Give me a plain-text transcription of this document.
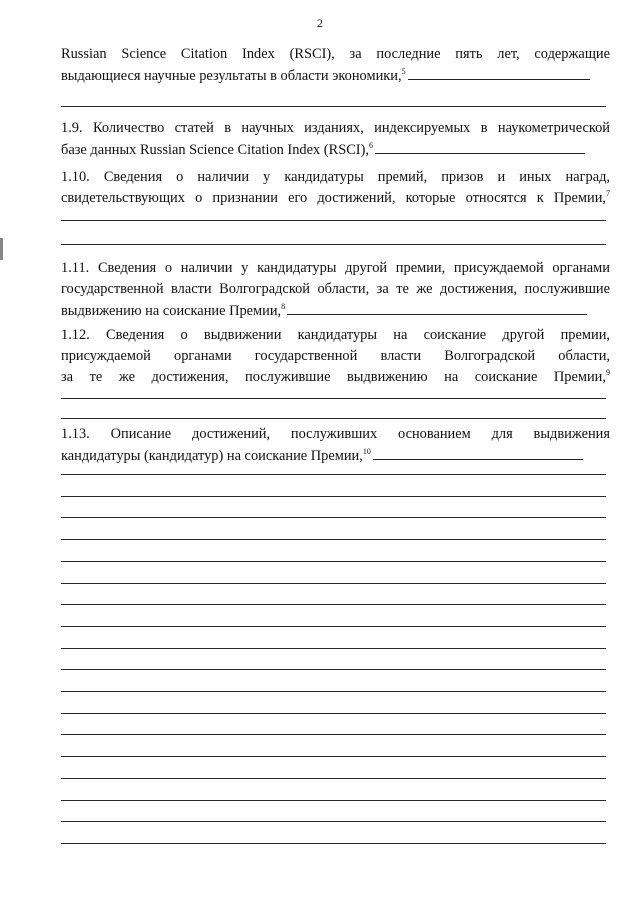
2
Russian Science Citation Index (RSCI), за последние пять лет, содержащие
выдающиеся научные результаты в области экономики,$^5$
1.9. Количество статей в научных изданиях, индексируемых в наукометрической
базе данных Russian Science Citation Index (RSCI),$^6$
1.10. Сведения о наличии у кандидатуры премий, призов и иных наград,
свидетельствующих о признании его достижений, которые относятся к Премии,$^7$
1.11. Сведения о наличии у кандидатуры другой премии, присуждаемой органами
государственной власти Волгоградской области, за те же достижения, послужившие
выдвижению на соискание Премии,$^8$
1.12. Сведения о выдвижении кандидатуры на соискание другой премии,
присуждаемой органами государственной власти Волгоградской области,
за те же достижения, послужившие выдвижению на соискание Премии,$^9$
1.13. Описание достижений, послуживших основанием для выдвижения
кандидатуры (кандидатур) на соискание Премии,$^{10}$
